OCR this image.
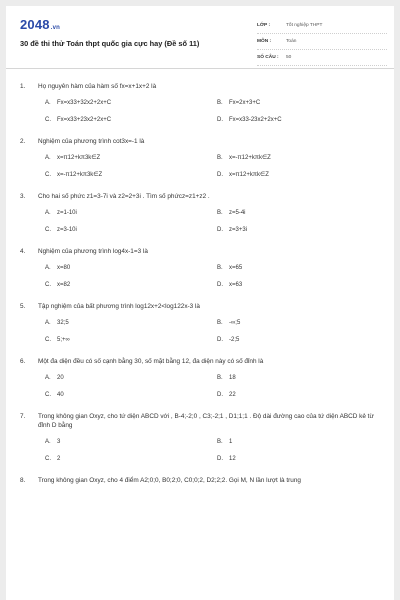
2048.vn
30 đề thi thử Toán thpt quốc gia cực hay (Đề số 11)
LỚP :	Tốt nghiệp THPT
MÔN :	Toán
SỐ CÂU :	50
1.	Họ nguyên hàm của hàm số fx=x+1x+2 là
A.	Fx=x33+32x2+2x+C	B.	Fx=2x+3+C
C.	Fx=x33+23x2+2x+C	D.	Fx=x33-23x2+2x+C
2.	Nghiệm của phương trình cot3x=-1 là
A.	x=π12+kπ3k∈Z	B.	x=-π12+kπk∈Z
C.	x=-π12+kπ3k∈Z	D.	x=π12+kπk∈Z
3.	Cho hai số phức z1=3-7i và z2=2+3i . Tìm số phứcz=z1+z2 .
A.	z=1-10i	B.	z=5-4i
C.	z=3-10i	D.	z=3+3i
4.	Nghiệm của phương trình log4x-1=3 là
A.	x=80	B.	x=65
C.	x=82	D.	x=63
5.	Tập nghiệm của bất phương trình log12x+2<log122x-3 là
A.	32;5	B.	-∞;5
C.	5;+∞	D.	-2;5
6.	Một đa diện đều có số cạnh bằng 30, số mặt bằng 12, đa diện này có số đỉnh là
A.	20	B.	18
C.	40	D.	22
7.	Trong không gian Oxyz, cho tứ diện ABCD với , B-4;-2;0 , C3;-2;1 , D1;1;1 . Độ dài đường cao của tứ diện ABCD kẻ từ đỉnh D bằng
A.	3	B.	1
C.	2	D.	12
8.	Trong không gian Oxyz, cho 4 điểm A2;0;0, B0;2;0, C0;0;2, D2;2;2. Gọi M, N lần lượt là trung
